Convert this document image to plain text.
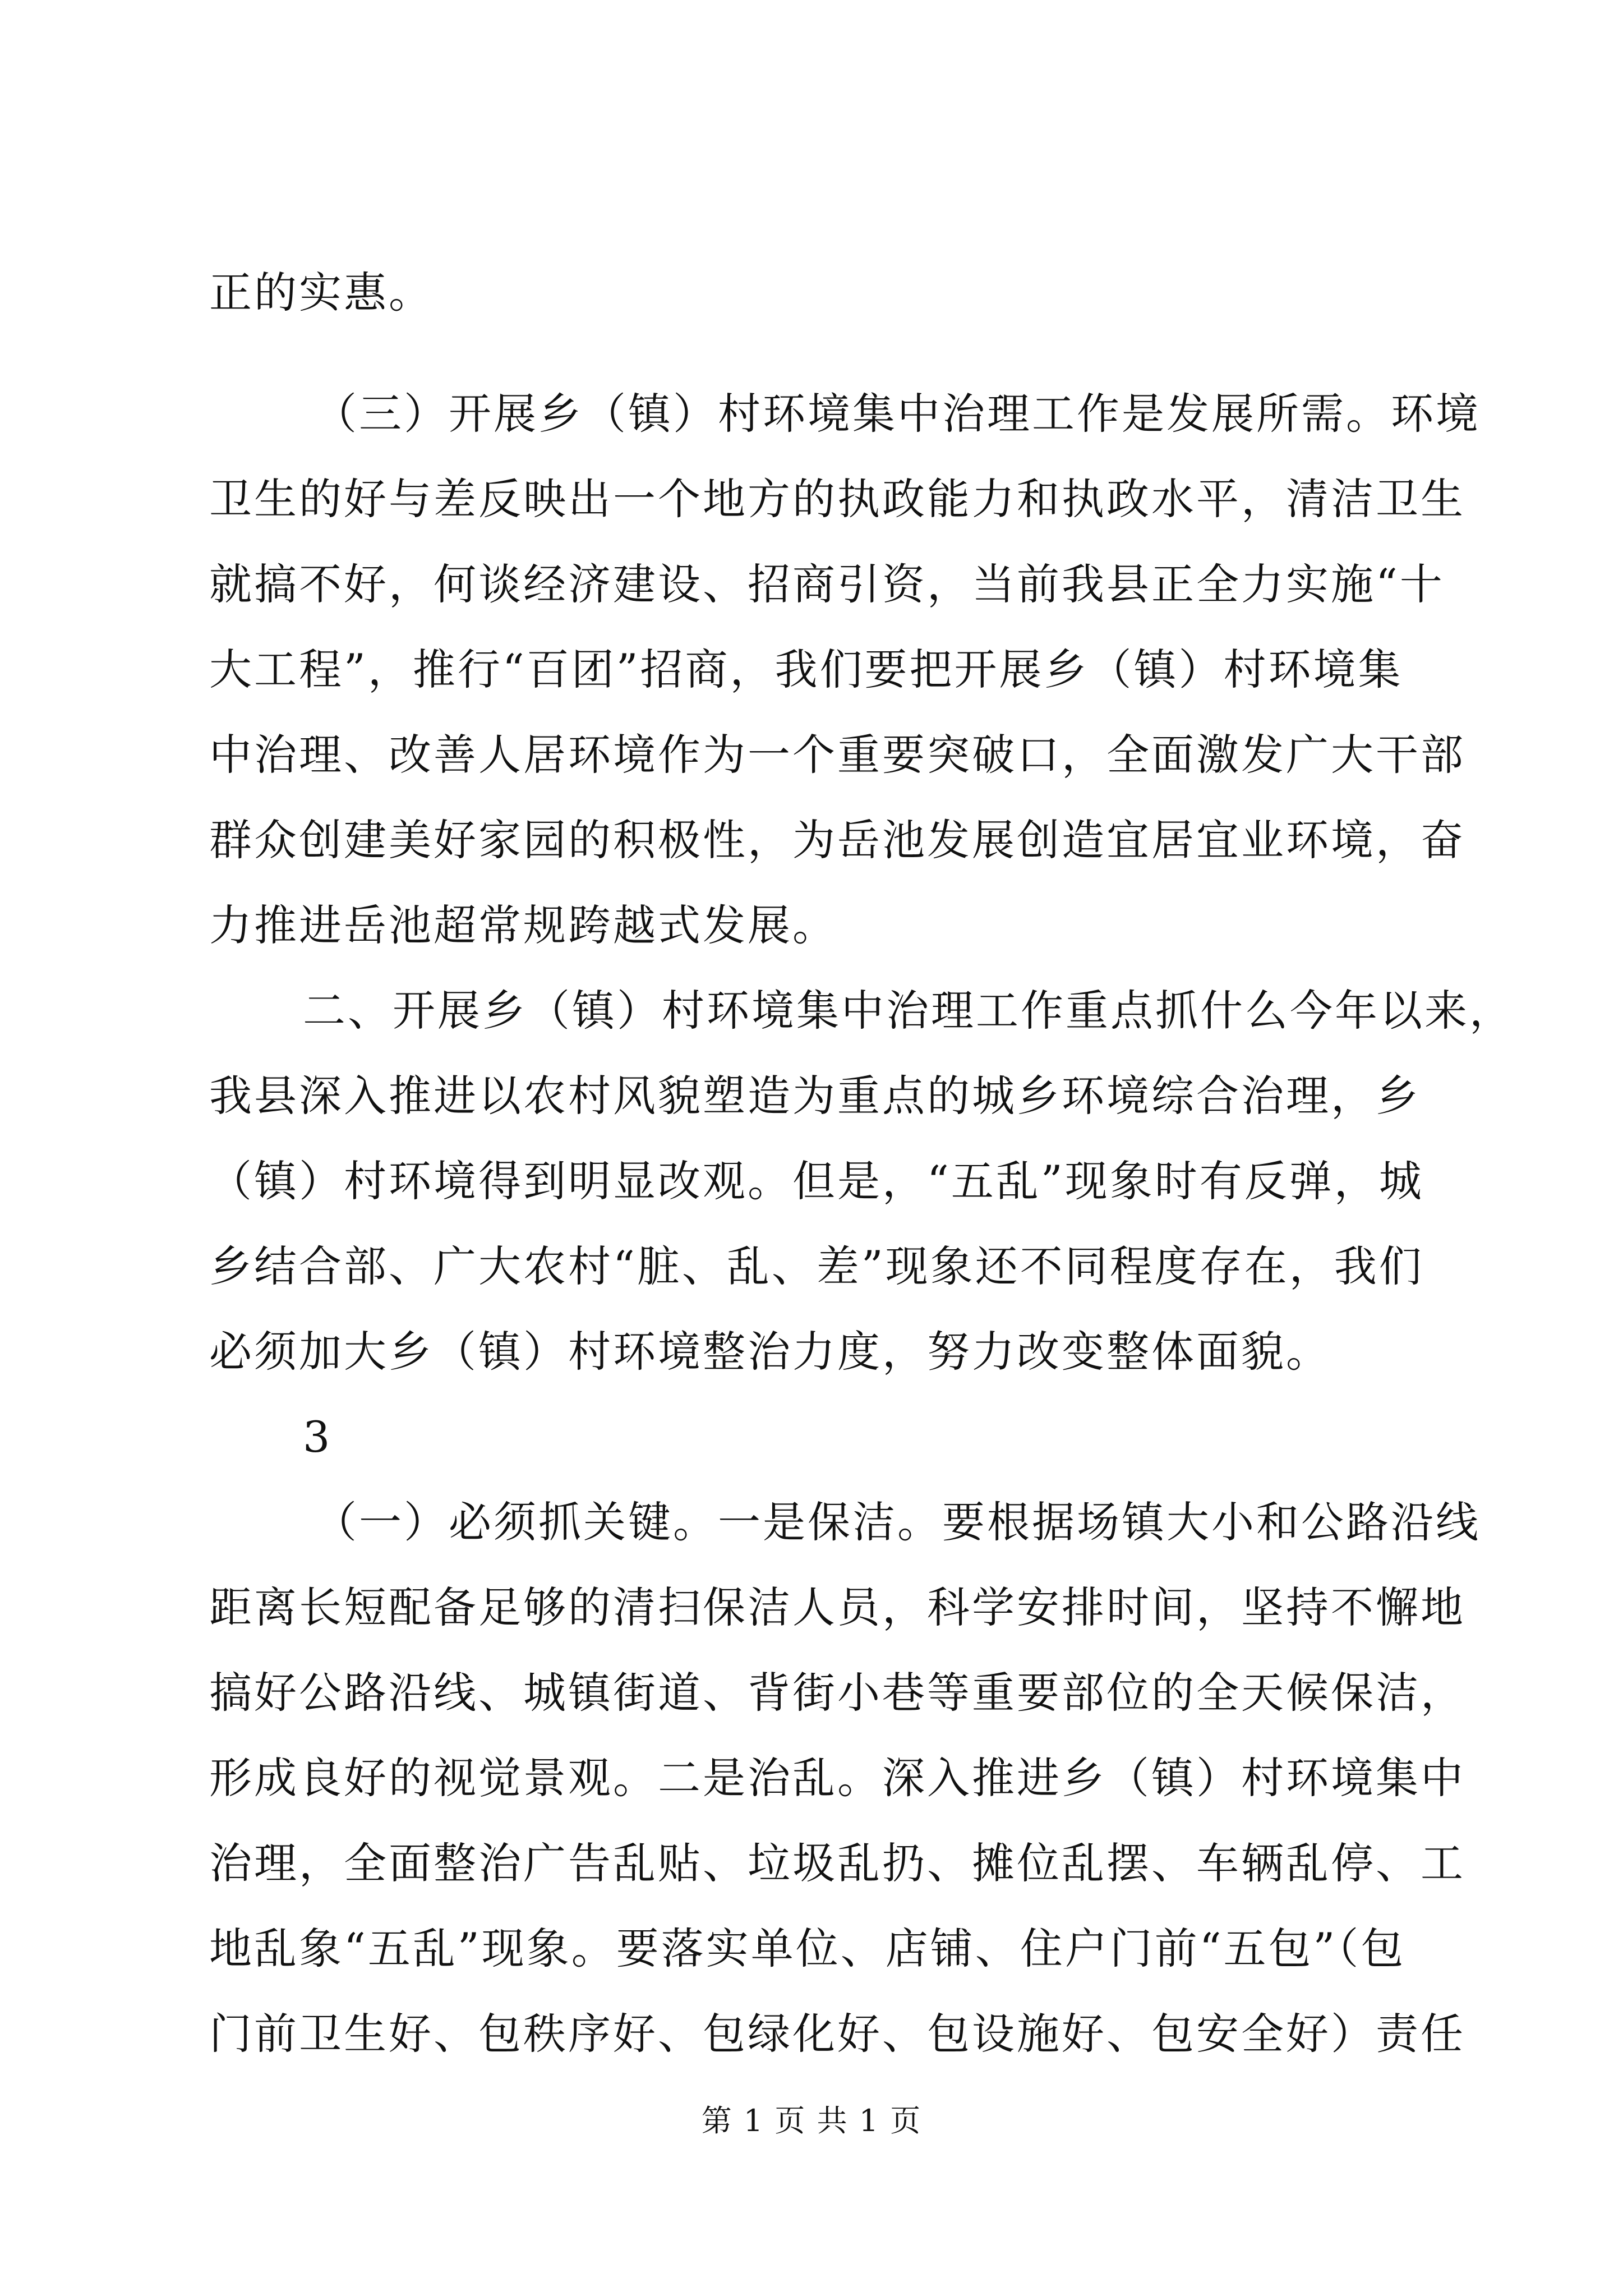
正的实惠。
（三）开展乡（镇）村环境集中治理工作是发展所需。环境
卫生的好与差反映出一个地方的执政能力和执政水平，清洁卫生
就搞不好，何谈经济建设、招商引资，当前我县正全力实施“十
大工程”，推行“百团”招商，我们要把开展乡（镇）村环境集
中治理、改善人居环境作为一个重要突破口，全面激发广大干部
群众创建美好家园的积极性，为岳池发展创造宜居宜业环境，奋
力推进岳池超常规跨越式发展。
二、开展乡（镇）村环境集中治理工作重点抓什么今年以来，
我县深入推进以农村风貌塑造为重点的城乡环境综合治理，乡
（镇）村环境得到明显改观。但是，“五乱”现象时有反弹，城
乡结合部、广大农村“脏、乱、差”现象还不同程度存在，我们
必须加大乡（镇）村环境整治力度，努力改变整体面貌。
3
（一）必须抓关键。一是保洁。要根据场镇大小和公路沿线
距离长短配备足够的清扫保洁人员，科学安排时间，坚持不懈地
搞好公路沿线、城镇街道、背街小巷等重要部位的全天候保洁，
形成良好的视觉景观。二是治乱。深入推进乡（镇）村环境集中
治理，全面整治广告乱贴、垃圾乱扔、摊位乱摆、车辆乱停、工
地乱象“五乱”现象。要落实单位、店铺、住户门前“五包”（包
门前卫生好、包秩序好、包绿化好、包设施好、包安全好）责任
第 1 页 共 1 页
